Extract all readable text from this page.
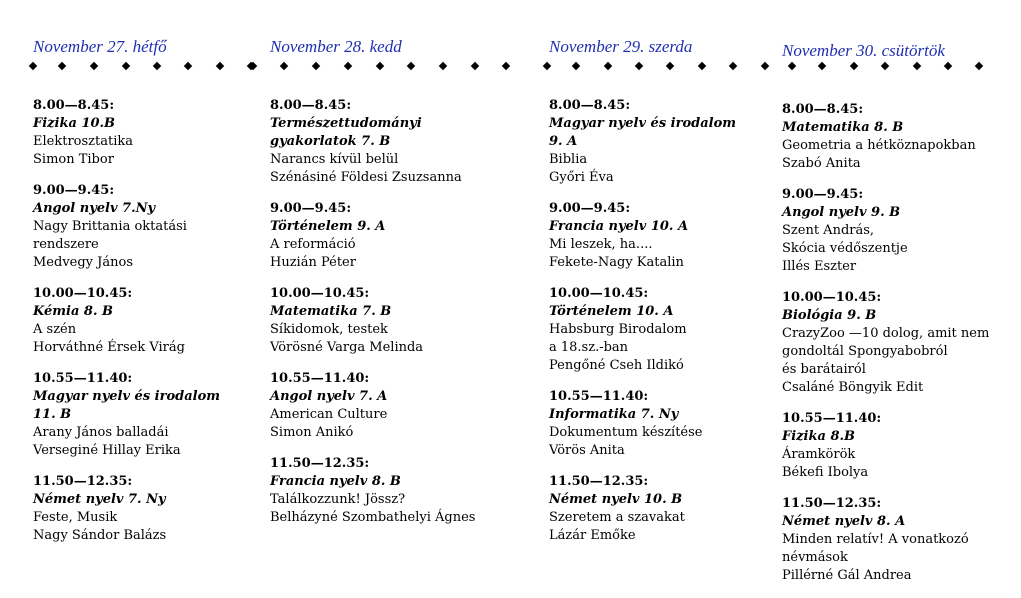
November 27. hétfő
8.00—8.45:
Fizika 10.B
Elektrosztatika
Simon Tibor
9.00—9.45:
Angol nyelv 7.Ny
Nagy Brittania oktatási
rendszere
Medvegy János
10.00—10.45:
Kémia 8. B
A szén
Horváthné Érsek Virág
10.55—11.40:
Magyar nyelv és irodalom
11. B
Arany János balladái
Verseginé Hillay Erika
11.50—12.35:
Német nyelv 7. Ny
Feste, Musik
Nagy Sándor Balázs
November 28. kedd
8.00—8.45:
Természettudományi
gyakorlatok 7. B
Narancs kívül belül
Szénásiné Földesi Zsuzsanna
9.00—9.45:
Történelem 9. A
A reformáció
Huzián Péter
10.00—10.45:
Matematika 7. B
Síkidomok, testek
Vörösné Varga Melinda
10.55—11.40:
Angol nyelv 7. A
American Culture
Simon Anikó
11.50—12.35:
Francia nyelv 8. B
Találkozzunk! Jössz?
Belházyné Szombathelyi Ágnes
November 29. szerda
8.00—8.45:
Magyar nyelv és irodalom
9. A
Biblia
Győri Éva
9.00—9.45:
Francia nyelv 10. A
Mi leszek, ha....
Fekete-Nagy Katalin
10.00—10.45:
Történelem 10. A
Habsburg Birodalom
a 18.sz.-ban
Pengőné Cseh Ildikó
10.55—11.40:
Informatika 7. Ny
Dokumentum készítése
Vörös Anita
11.50—12.35:
Német nyelv 10. B
Szeretem a szavakat
Lázár Emőke
November 30. csütörtök
8.00—8.45:
Matematika 8. B
Geometria a hétköznapokban
Szabó Anita
9.00—9.45:
Angol nyelv 9. B
Szent András,
Skócia védőszentje
Illés Eszter
10.00—10.45:
Biológia 9. B
CrazyZoo —10 dolog, amit nem
gondoltál Spongyabobról
és barátairól
Csaláné Böngyik Edit
10.55—11.40:
Fizika 8.B
Áramkörök
Békefi Ibolya
11.50—12.35:
Német nyelv 8. A
Minden relatív! A vonatkozó
névmások
Pillérné Gál Andrea
